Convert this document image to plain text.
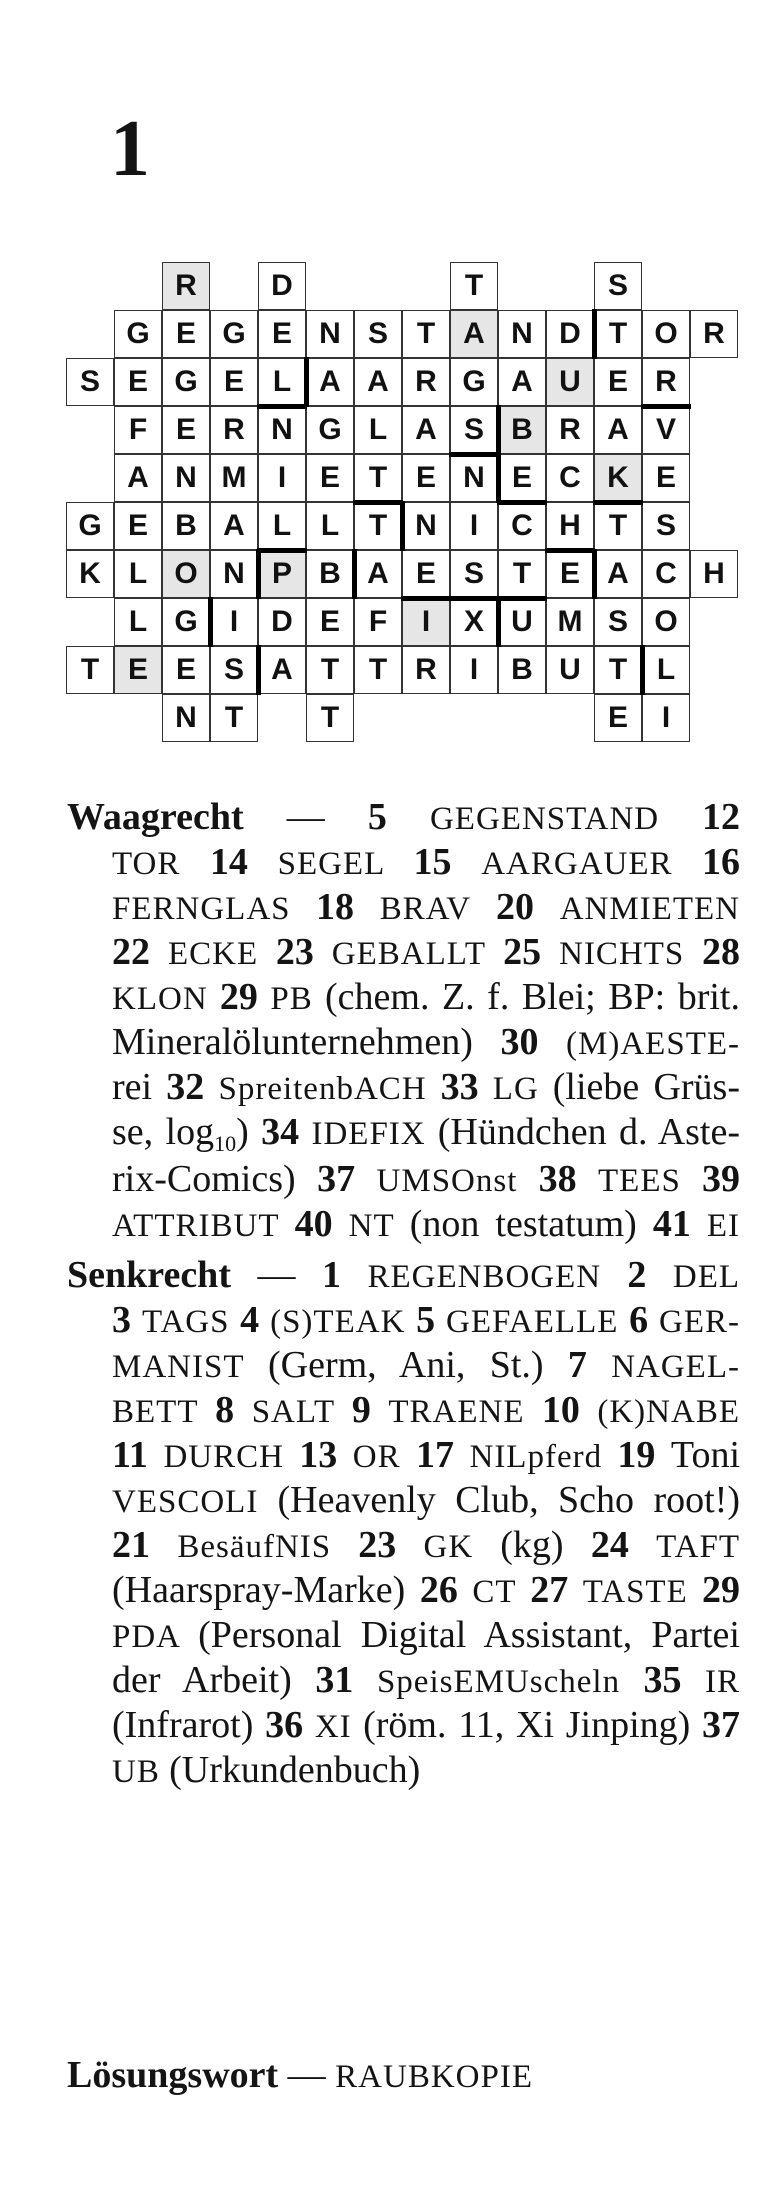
1
R	D	T	S
G E G E N S T A N D T O R
S E G E L A A R G A U E R
F E R N G L A S B R A V
A N M	I	E T E N E C K E
G E B A L L T N	I	C H T S
K L O N P B A E S T E A C H
L G	I	D E F	I	X U M S O
T E E S A T T R	I	B U T L
N T	T	E	I
Waagrecht — 5 GEGENSTAND 12
TOR 14 SEGEL 15 AARGAUER 16
FERNGLAS 18 BRAV 20 ANMIETEN
22 ECKE 23 GEBALLT 25 NICHTS 28
KLON 29 PB (chem. Z. f. Blei; BP: brit.
Mineralölunternehmen) 30 (M)AESTE-
rei 32 SpreitenbACH 33 LG (liebe Grüs-
se, log10) 34 IDEFIX (Hündchen d. Aste-
rix-Comics) 37 UMSOnst 38 TEES 39
ATTRIBUT 40 NT (non testatum) 41 EI
Senkrecht — 1 REGENBOGEN 2 DEL
3 TAGS 4 (S)TEAK 5 GEFAELLE 6 GER-
MANIST (Germ, Ani, St.) 7 NAGEL-
BETT 8 SALT 9 TRAENE 10 (K)NABE
11 DURCH 13 OR 17 NILpferd 19 Toni
VESCOLI (Heavenly Club, Scho root!)
21 BesäufNIS 23 GK (kg) 24 TAFT
(Haarspray-Marke) 26 CT 27 TASTE 29
PDA (Personal Digital Assistant, Partei
der Arbeit) 31 SpeisEMUscheln 35 IR
(Infrarot) 36 XI (röm. 11, Xi Jinping) 37
UB (Urkundenbuch)
Lösungswort — RAUBKOPIE
